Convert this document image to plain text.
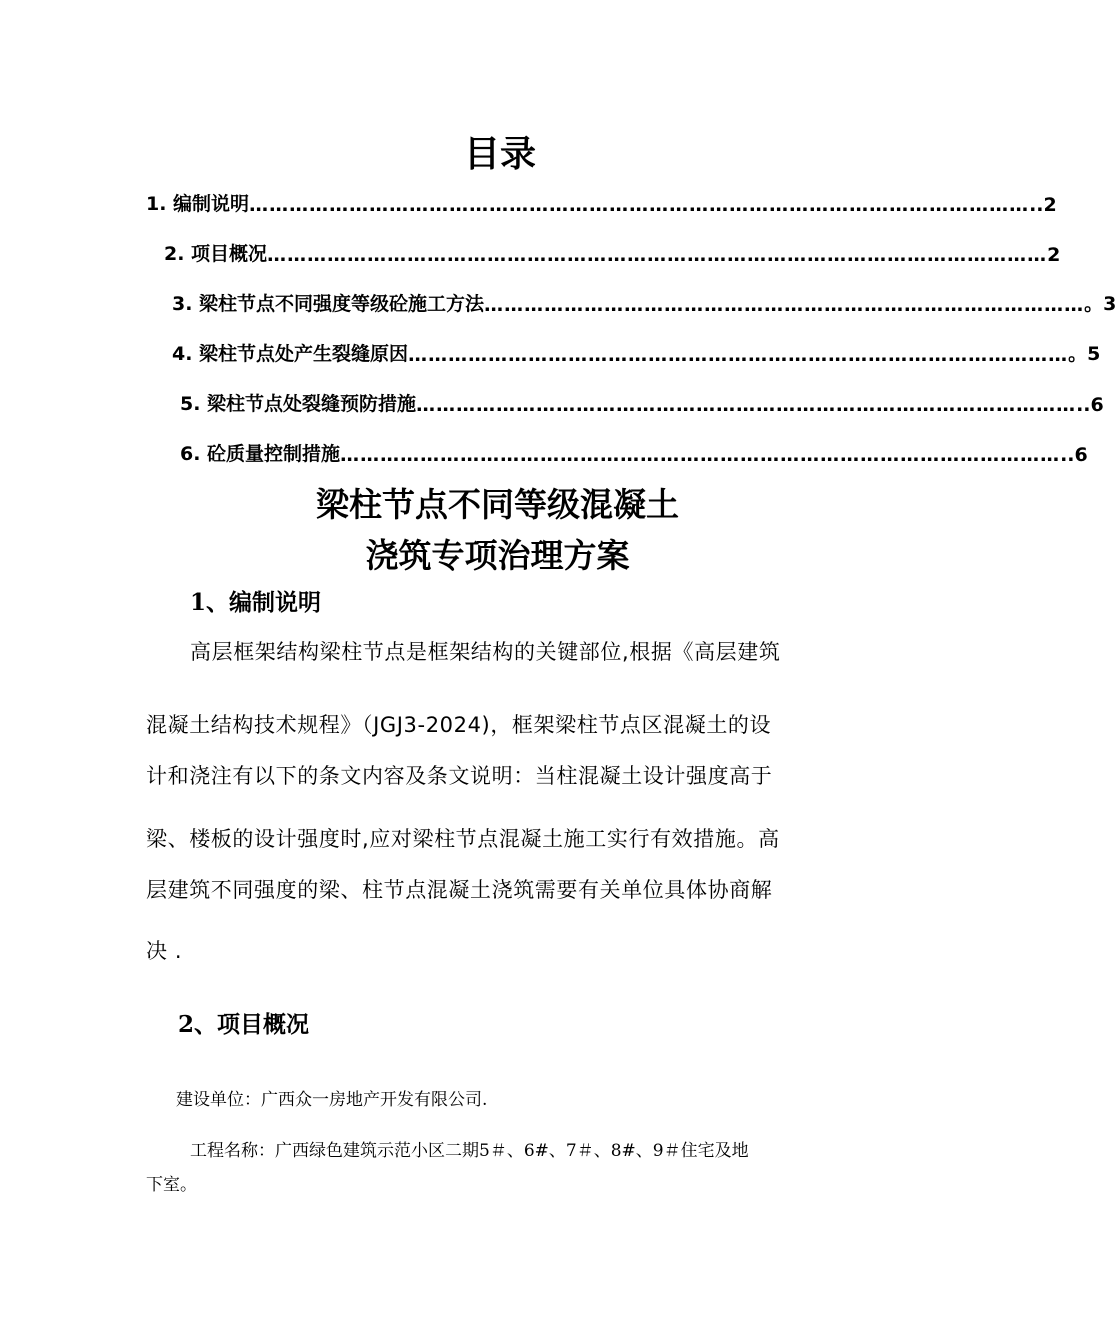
目录
1. 编制说明 ……………………………………………………………………………………………………… ..2
2. 项目概况 ……………………………………………………………………………………………………… 2
3. 梁柱节点不同强度等级砼施工方法 ……………………………………………………………………………… 。3
4. 梁柱节点处产生裂缝原因 ……………………………………………………………………………………… 。5
5. 梁柱节点处裂缝预防措施 ……………………………………………………………………………………… ..6
6. 砼质量控制措施 ……………………………………………………………………………………………… ..6
梁柱节点不同等级混凝土
浇筑专项治理方案
1、编制说明
高层框架结构梁柱节点是框架结构的关键部位,根据《高层建筑
混凝土结构技术规程》（JGJ3-2024)，框架梁柱节点区混凝土的设
计和浇注有以下的条文内容及条文说明：当柱混凝土设计强度高于
梁、楼板的设计强度时,应对梁柱节点混凝土施工实行有效措施。高
层建筑不同强度的梁、柱节点混凝土浇筑需要有关单位具体协商解
决 .
2、项目概况
建设单位：广西众一房地产开发有限公司.
工程名称：广西绿色建筑示范小区二期5＃、6#、7＃、8#、9＃住宅及地
下室。
